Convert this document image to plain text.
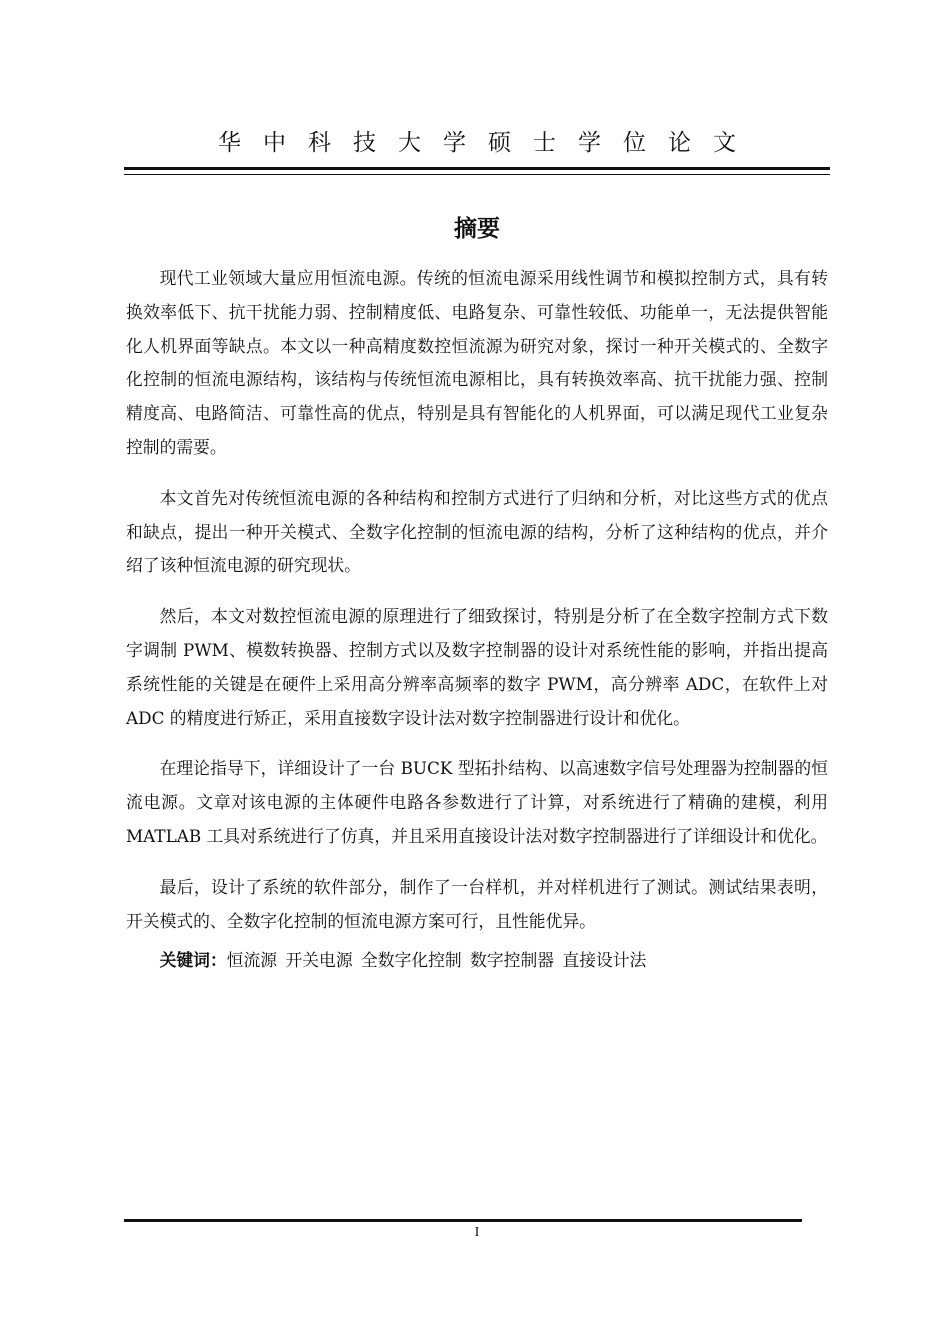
华中科技大学硕士学位论文
摘要

现代工业领域大量应用恒流电源。传统的恒流电源采用线性调节和模拟控制方式，具有转换效率低下、抗干扰能力弱、控制精度低、电路复杂、可靠性较低、功能单一，无法提供智能化人机界面等缺点。本文以一种高精度数控恒流源为研究对象，探讨一种开关模式的、全数字化控制的恒流电源结构，该结构与传统恒流电源相比，具有转换效率高、抗干扰能力强、控制精度高、电路简洁、可靠性高的优点，特别是具有智能化的人机界面，可以满足现代工业复杂控制的需要。

本文首先对传统恒流电源的各种结构和控制方式进行了归纳和分析，对比这些方式的优点和缺点，提出一种开关模式、全数字化控制的恒流电源的结构，分析了这种结构的优点，并介绍了该种恒流电源的研究现状。

然后，本文对数控恒流电源的原理进行了细致探讨，特别是分析了在全数字控制方式下数字调制 PWM、模数转换器、控制方式以及数字控制器的设计对系统性能的影响，并指出提高系统性能的关键是在硬件上采用高分辨率高频率的数字 PWM，高分辨率 ADC，在软件上对 ADC 的精度进行矫正，采用直接数字设计法对数字控制器进行设计和优化。

在理论指导下，详细设计了一台 BUCK 型拓扑结构、以高速数字信号处理器为控制器的恒流电源。文章对该电源的主体硬件电路各参数进行了计算，对系统进行了精确的建模，利用 MATLAB 工具对系统进行了仿真，并且采用直接设计法对数字控制器进行了详细设计和优化。

最后，设计了系统的软件部分，制作了一台样机，并对样机进行了测试。测试结果表明，开关模式的、全数字化控制的恒流电源方案可行，且性能优异。

关键词：恒流源 开关电源 全数字化控制 数字控制器 直接设计法

I
